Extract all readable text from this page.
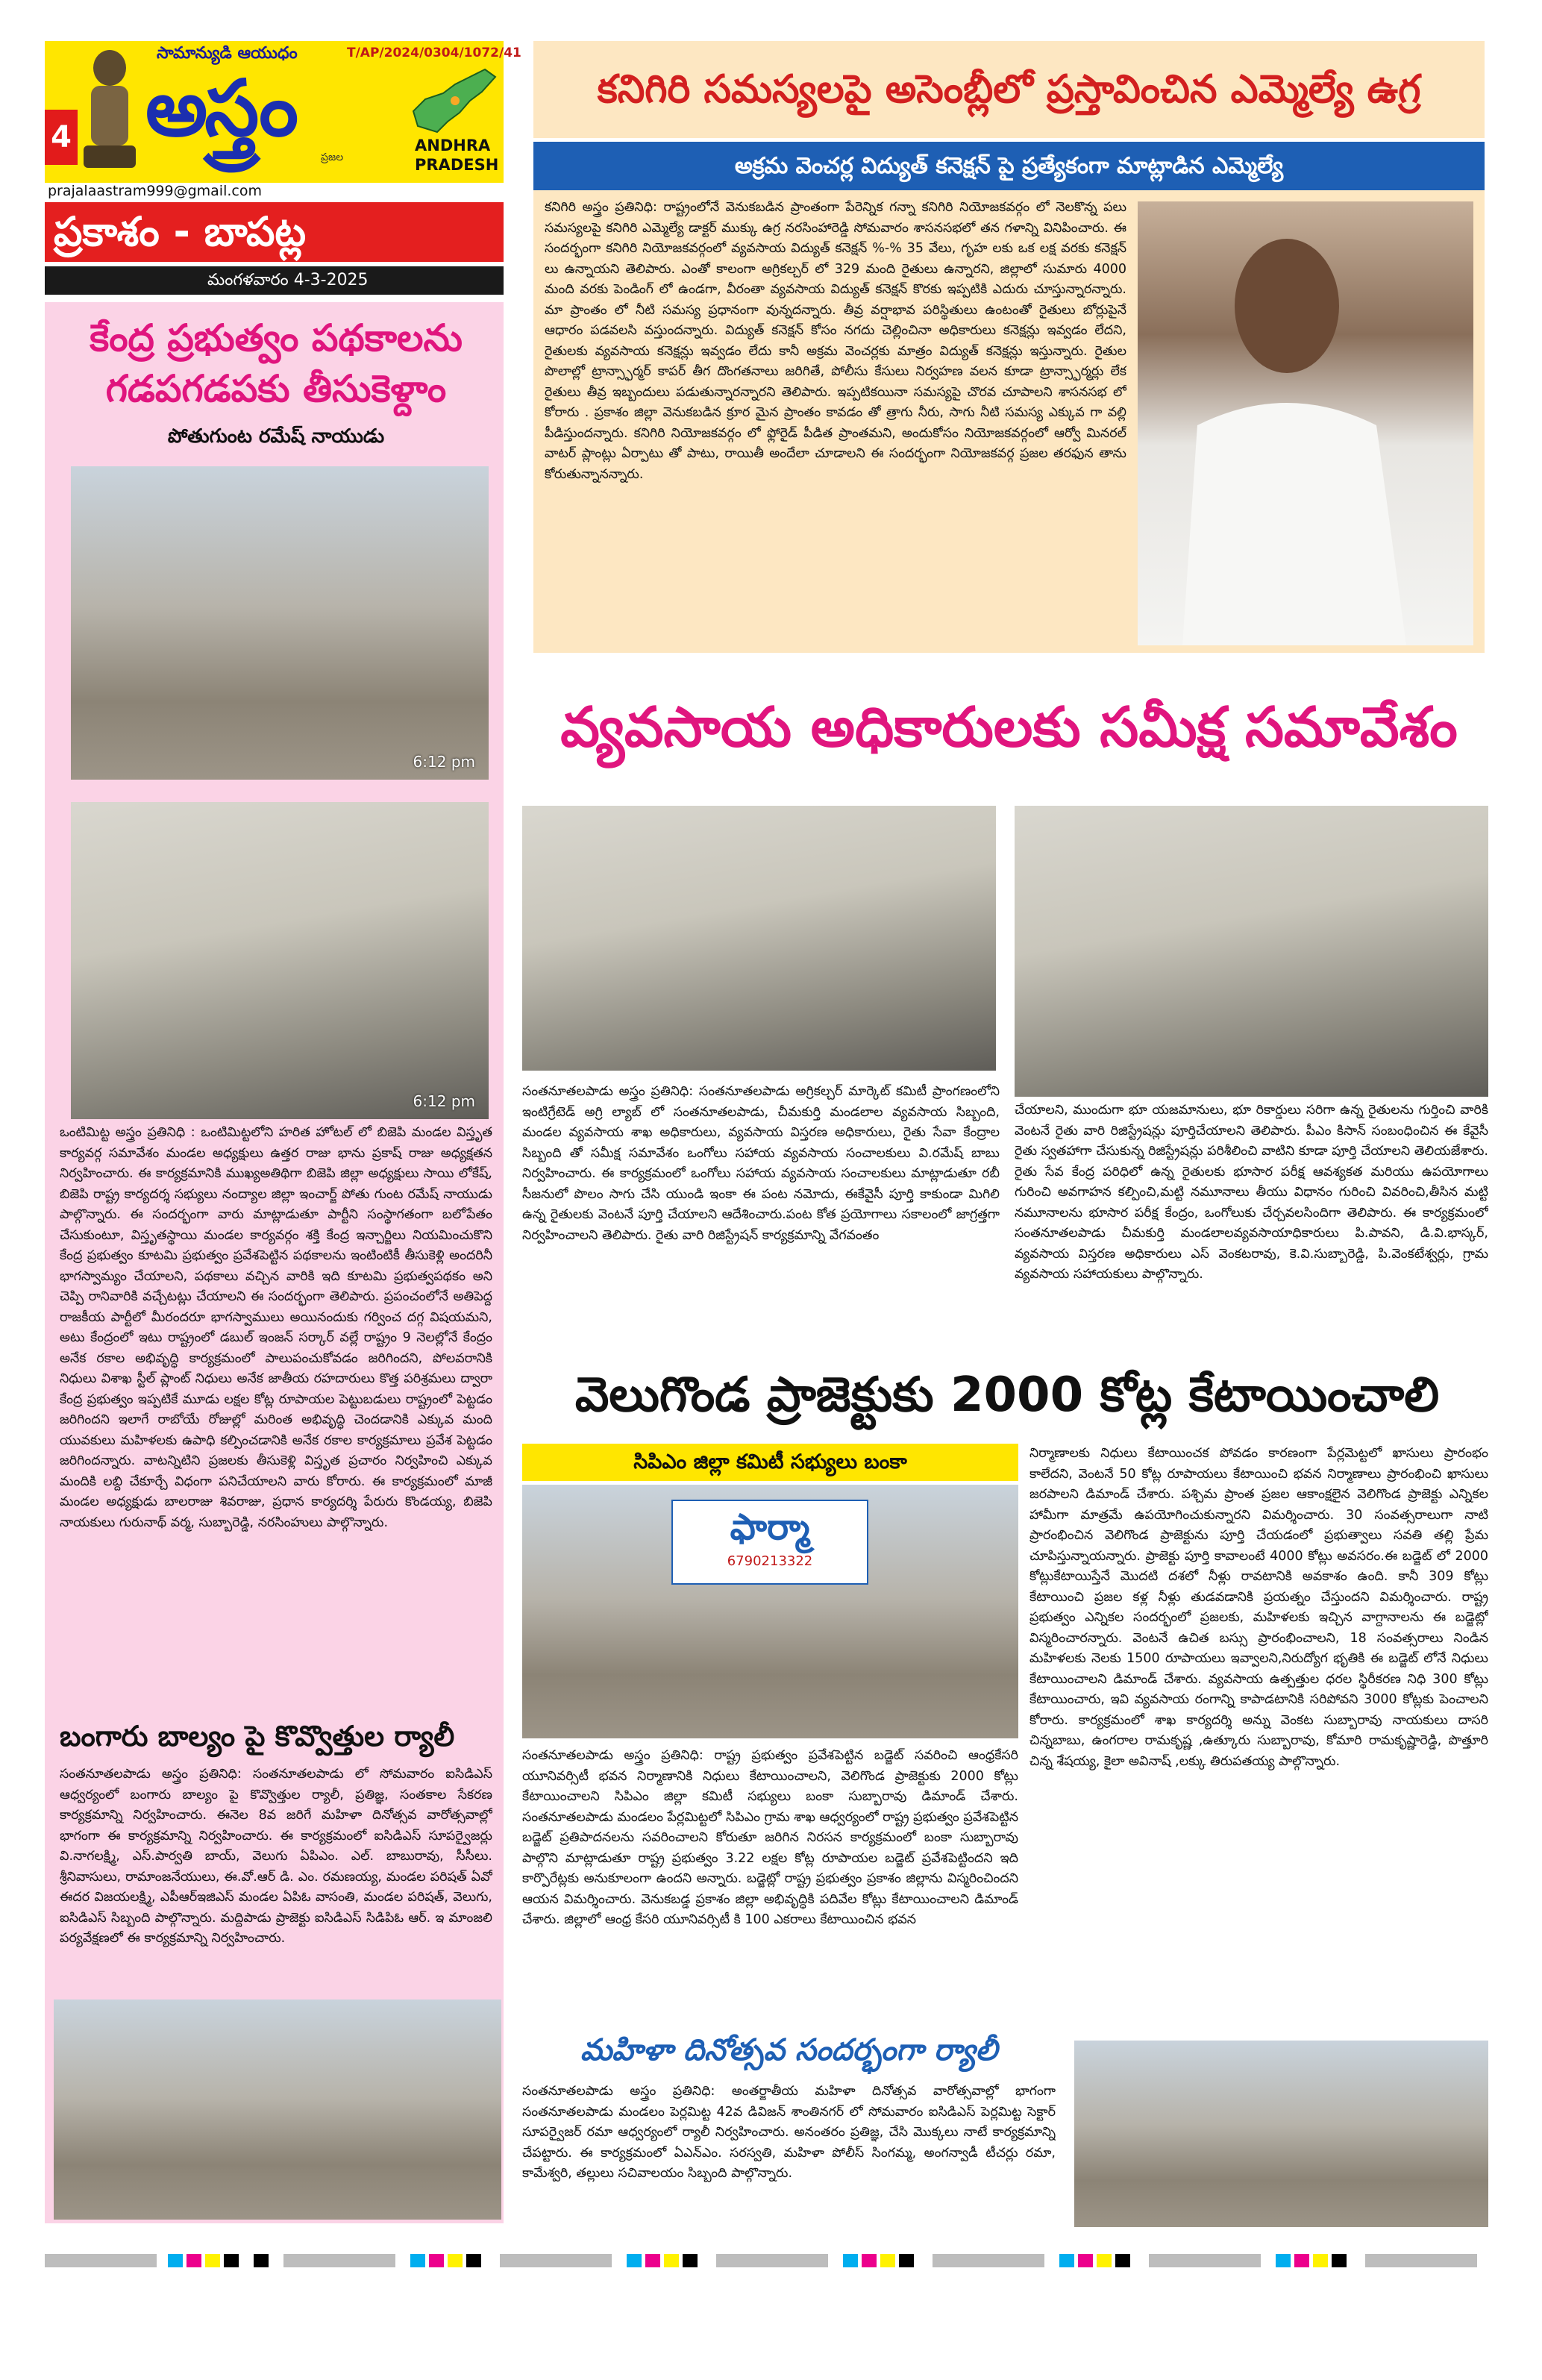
4
సామాన్యుడి ఆయుధం	T/AP/2024/0304/1072/41
అస్త్రం
ప్రజల
ANDHRA
PRADESH
prajalaastram999@gmail.com
ప్రకాశం - బాపట్ల
మంగళవారం 4-3-2025
కేంద్ర ప్రభుత్వం పథకాలను
గడపగడపకు తీసుకెళ్దాం
పోతుగుంట రమేష్ నాయుడు
6:12 pm
6:12 pm
ఒంటిమిట్ట అస్త్రం ప్రతినిధి : ఒంటిమిట్టలోని హరిత హోటల్ లో బిజెపి మండల విస్తృత కార్యవర్గ సమావేశం మండల అధ్యక్షులు ఉత్తర రాజు భాను ప్రకాష్ రాజు అధ్యక్షతన నిర్వహించారు. ఈ కార్యక్రమానికి ముఖ్యఅతిథిగా బిజెపి జిల్లా అధ్యక్షులు సాయి లోకేష్, బిజెపి రాష్ట్ర కార్యదర్శ సభ్యులు నంద్యాల జిల్లా ఇంచార్జ్ పోతు గుంట రమేష్ నాయుడు పాల్గొన్నారు. ఈ సందర్భంగా వారు మాట్లాడుతూ పార్టీని సంస్థాగతంగా బలోపేతం చేసుకుంటూ, విస్తృతస్థాయి మండల కార్యవర్గం శక్తి కేంద్ర ఇన్చార్జిలు నియమించుకొని కేంద్ర ప్రభుత్వం కూటమి ప్రభుత్వం ప్రవేశపెట్టిన పథకాలను ఇంటింటికీ తీసుకెళ్లి అందరినీ భాగస్వామ్యం చేయాలని, పథకాలు వచ్చిన వారికి ఇది కూటమి ప్రభుత్వపథకం అని చెప్పి రానివారికి వచ్చేటట్లు చేయాలని ఈ సందర్భంగా తెలిపారు. ప్రపంచంలోనే అతిపెద్ద రాజకీయ పార్టీలో మీరందరూ భాగస్వాములు అయినందుకు గర్వించ దగ్గ విషయమని, అటు కేంద్రంలో ఇటు రాష్ట్రంలో డబుల్ ఇంజన్ సర్కార్ వల్లే రాష్ట్రం 9 నెలల్లోనే కేంద్రం అనేక రకాల అభివృద్ధి కార్యక్రమంలో పాలుపంచుకోవడం జరిగిందని, పోలవరానికి నిధులు విశాఖ స్టీల్ ప్లాంట్ నిధులు అనేక జాతీయ రహదారులు కొత్త పరిశ్రమలు ద్వారా కేంద్ర ప్రభుత్వం ఇప్పటికే మూడు లక్షల కోట్ల రూపాయల పెట్టుబడులు రాష్ట్రంలో పెట్టడం జరిగిందని ఇలాగే రాబోయే రోజుల్లో మరింత అభివృద్ధి చెందడానికి ఎక్కువ మంది యువకులు మహిళలకు ఉపాధి కల్పించడానికి అనేక రకాల కార్యక్రమాలు ప్రవేశ పెట్టడం జరిగిందన్నారు. వాటన్నిటిని ప్రజలకు తీసుకెళ్లి విస్తృత ప్రచారం నిర్వహించి ఎక్కువ మందికి లబ్ది చేకూర్చే విధంగా పనిచేయాలని వారు కోరారు. ఈ కార్యక్రమంలో మాజీ మండల అధ్యక్షుడు బాలరాజు శివరాజు, ప్రధాన కార్యదర్శి పేరురు కొండయ్య, బిజెపి నాయకులు గురునాథ్ వర్మ, సుబ్బారెడ్డి, నరసింహులు పాల్గొన్నారు.
బంగారు బాల్యం పై కొవ్వొత్తుల ర్యాలీ
సంతనూతలపాడు అస్త్రం ప్రతినిధి: సంతనూతలపాడు లో సోమవారం ఐసిడిఎస్ ఆధ్వర్యంలో బంగారు బాల్యం పై కొవ్వొత్తుల ర్యాలీ, ప్రతిజ్ఞ, సంతకాల సేకరణ కార్యక్రమాన్ని నిర్వహించారు. ఈనెల 8వ జరిగే మహిళా దినోత్సవ వారోత్సవాల్లో భాగంగా ఈ కార్యక్రమాన్ని నిర్వహించారు. ఈ కార్యక్రమంలో ఐసిడిఎస్ సూపర్వైజర్లు వి.నాగలక్ష్మి, ఎస్.పార్వతి బాయ్, వెలుగు ఏపిఎం. ఎల్. బాబురావు, సీసీలు. శ్రీనివాసులు, రామాంజనేయులు, ఈ.వో.ఆర్ డి. ఎం. రమణయ్య, మండల పరిషత్ ఏవో ఈదర విజయలక్ష్మి, ఎపీఆర్ఇజిఎస్ మండల ఏపిఓ వాసంతి, మండల పరిషత్, వెలుగు, ఐసిడిఎస్ సిబ్బంది పాల్గొన్నారు. మద్దిపాడు ప్రాజెక్టు ఐసిడిఎస్ సిడిపిఓ ఆర్. ఇ మాంజలి పర్యవేక్షణలో ఈ కార్యక్రమాన్ని నిర్వహించారు.
కనిగిరి సమస్యలపై అసెంబ్లీలో ప్రస్తావించిన ఎమ్మెల్యే ఉగ్ర
అక్రమ వెంచర్ల విద్యుత్ కనెక్షన్ పై ప్రత్యేకంగా మాట్లాడిన ఎమ్మెల్యే
కనిగిరి అస్త్రం ప్రతినిధి: రాష్ట్రంలోనే వెనుకబడిన ప్రాంతంగా పేరెన్నిక గన్నా కనిగిరి నియోజకవర్గం లో నెలకొన్న పలు సమస్యలపై కనిగిరి ఎమ్మెల్యే డాక్టర్ ముక్కు ఉగ్ర నరసింహారెడ్డి సోమవారం శాసనసభలో తన గళాన్ని వినిపించారు. ఈ సందర్భంగా కనిగిరి నియోజకవర్గంలో వ్యవసాయ విద్యుత్ కనెక్షన్ %-% 35 వేలు, గృహ లకు ఒక లక్ష వరకు కనెక్షన్ లు ఉన్నాయని తెలిపారు. ఎంతో కాలంగా అగ్రికల్చర్ లో 329 మంది రైతులు ఉన్నారని, జిల్లాలో సుమారు 4000 మంది వరకు పెండింగ్ లో ఉండగా, వీరంతా వ్యవసాయ విద్యుత్ కనెక్షన్ కొరకు ఇప్పటికి ఎదురు చూస్తున్నారన్నారు. మా ప్రాంతం లో నీటి సమస్య ప్రధానంగా వున్నదన్నారు. తీవ్ర వర్షాభావ పరిస్థితులు ఉంటంతో రైతులు బోర్లుపైనే ఆధారం పడవలసి వస్తుందన్నారు. విద్యుత్ కనెక్షన్ కోసం నగదు చెల్లించినా అధికారులు కనెక్షన్లు ఇవ్వడం లేదని, రైతులకు వ్యవసాయ కనెక్షన్లు ఇవ్వడం లేదు కానీ అక్రమ వెంచర్లకు మాత్రం విద్యుత్ కనెక్షన్లు ఇస్తున్నారు. రైతుల పొలాల్లో ట్రాన్స్ఫార్మర్ కాపర్ తీగ దొంగతనాలు జరిగితే, పోలీసు కేసులు నిర్వహణ వలన కూడా ట్రాన్స్ఫార్మర్లు లేక రైతులు తీవ్ర ఇబ్బందులు పడుతున్నారన్నారని తెలిపారు. ఇప్పటికయినా సమస్యపై చొరవ చూపాలని శాసనసభ లో కోరారు . ప్రకాశం జిల్లా వెనుకబడిన క్రూర మైన ప్రాంతం కావడం తో త్రాగు నీరు, సాగు నీటి సమస్య ఎక్కువ గా వల్లి పీడిస్తుందన్నారు. కనిగిరి నియోజకవర్గం లో ఫ్లోరైడ్ పీడిత ప్రాంతమని, అందుకోసం నియోజకవర్గంలో ఆర్వో మినరల్ వాటర్ ప్లాంట్లు ఏర్పాటు తో పాటు, రాయితీ అందేలా చూడాలని ఈ సందర్భంగా నియోజకవర్గ ప్రజల తరఫున తాను కోరుతున్నానన్నారు.
వ్యవసాయ అధికారులకు సమీక్ష సమావేశం
సంతనూతలపాడు అస్త్రం ప్రతినిధి: సంతనూతలపాడు అగ్రికల్చర్ మార్కెట్ కమిటీ ప్రాంగణంలోని ఇంటిగ్రేటెడ్ అగ్రి ల్యాబ్ లో సంతనూతలపాడు, చీమకుర్తి మండలాల వ్యవసాయ సిబ్బంది, మండల వ్యవసాయ శాఖ అధికారులు, వ్యవసాయ విస్తరణ అధికారులు, రైతు సేవా కేంద్రాల సిబ్బంది తో సమీక్ష సమావేశం ఒంగోలు సహాయ వ్యవసాయ సంచాలకులు వి.రమేష్ బాబు నిర్వహించారు. ఈ కార్యక్రమంలో ఒంగోలు సహాయ వ్యవసాయ సంచాలకులు మాట్లాడుతూ రబీ సీజనులో పొలం సాగు చేసి యుండి ఇంకా ఈ పంట నమోదు, ఈకేవైసీ పూర్తి కాకుండా మిగిలి ఉన్న రైతులకు వెంటనే పూర్తి చేయాలని ఆదేశించారు.పంట కోత ప్రయోగాలు సకాలంలో జాగ్రత్తగా నిర్వహించాలని తెలిపారు. రైతు వారి రిజిస్ట్రేషన్ కార్యక్రమాన్ని వేగవంతం
చేయాలని, ముందుగా భూ యజమానులు, భూ రికార్డులు సరిగా ఉన్న రైతులను గుర్తించి వారికి వెంటనే రైతు వారి రిజిస్ట్రేషన్లు పూర్తిచేయాలని తెలిపారు. పీఎం కిసాన్ సంబంధించిన ఈ కేవైసీ రైతు స్వతహాగా చేసుకున్న రిజిస్ట్రేషన్లు పరిశీలించి వాటిని కూడా పూర్తి చేయాలని తెలియజేశారు. రైతు సేవ కేంద్ర పరిధిలో ఉన్న రైతులకు భూసార పరీక్ష ఆవశ్యకత మరియు ఉపయోగాలు గురించి అవగాహన కల్పించి,మట్టి నమూనాలు తీయు విధానం గురించి వివరించి,తీసిన మట్టి నమూనాలను భూసార పరీక్ష కేంద్రం, ఒంగోలుకు చేర్చవలసిందిగా తెలిపారు. ఈ కార్యక్రమంలో సంతనూతలపాడు చీమకుర్తి మండలాలవ్యవసాయాధికారులు పి.పావని, డి.వి.భాస్కర్, వ్యవసాయ విస్తరణ అధికారులు ఎస్ వెంకటరావు, కె.వి.సుబ్బారెడ్డి, పి.వెంకటేశ్వర్లు, గ్రామ వ్యవసాయ సహాయకులు పాల్గొన్నారు.
వెలుగొండ ప్రాజెక్టుకు 2000 కోట్ల కేటాయించాలి
సిపిఎం జిల్లా కమిటీ సభ్యులు బంకా
ఫార్మా
6790213322
నిర్మాణాలకు నిధులు కేటాయించక పోవడం కారణంగా పేర్లమెట్టలో ఖాసులు ప్రారంభం కాలేదని, వెంటనే 50 కోట్ల రూపాయలు కేటాయించి భవన నిర్మాణాలు ప్రారంభించి ఖాసులు జరపాలని డిమాండ్ చేశారు. పశ్చిమ ప్రాంత ప్రజల ఆకాంక్షలైన వెలిగొండ ప్రాజెక్టు ఎన్నికల హామీగా మాత్రమే ఉపయోగించుకున్నారని విమర్శించారు. 30 సంవత్సరాలుగా నాటి ప్రారంభించిన వెలిగొండ ప్రాజెక్టును పూర్తి చేయడంలో ప్రభుత్వాలు సవతి తల్లి ప్రేమ చూపిస్తున్నాయన్నారు. ప్రాజెక్టు పూర్తి కావాలంటే 4000 కోట్లు అవసరం.ఈ బడ్జెట్ లో 2000 కోట్లుకేటాయిస్తేనే మొదటి దశలో నీళ్లు రావటానికి అవకాశం ఉంది. కానీ 309 కోట్లు కేటాయించి ప్రజల కళ్ల నీళ్లు తుడవడానికి ప్రయత్నం చేస్తుందని విమర్శించారు. రాష్ట్ర ప్రభుత్వం ఎన్నికల సందర్భంలో ప్రజలకు, మహిళలకు ఇచ్చిన వాగ్దానాలను ఈ బడ్జెట్లో విస్మరించారన్నారు. వెంటనే ఉచిత బస్సు ప్రారంభించాలని, 18 సంవత్సరాలు నిండిన మహిళలకు నెలకు 1500 రూపాయలు ఇవ్వాలని,నిరుద్యోగ భృతికి ఈ బడ్జెట్ లోనే నిధులు కేటాయించాలని డిమాండ్ చేశారు. వ్యవసాయ ఉత్పత్తుల ధరల స్థిరీకరణ నిధి 300 కోట్లు కేటాయించారు, ఇవి వ్యవసాయ రంగాన్ని కాపాడటానికి సరిపోవని 3000 కోట్లకు పెంచాలని కోరారు. కార్యక్రమంలో శాఖ కార్యదర్శి అన్ను వెంకట సుబ్బారావు నాయకులు దాసరి చిన్నబాబు, ఉంగరాల రామకృష్ణ ,ఉత్కూరు సుబ్బారావు, కోమారి రామకృష్ణారెడ్డి, పొత్తూరి చిన్న శేషయ్య, కైలా అవినాష్ ,లక్కు తిరుపతయ్య పాల్గొన్నారు.
సంతనూతలపాడు అస్త్రం ప్రతినిధి: రాష్ట్ర ప్రభుత్వం ప్రవేశపెట్టిన బడ్జెట్ సవరించి ఆంధ్రకేసరి యూనివర్సిటీ భవన నిర్మాణానికి నిధులు కేటాయించాలని, వెలిగొండ ప్రాజెక్టుకు 2000 కోట్లు కేటాయించాలని సిపిఎం జిల్లా కమిటీ సభ్యులు బంకా సుబ్బారావు డిమాండ్ చేశారు. సంతనూతలపాడు మండలం పేర్లమిట్టలో సిపిఎం గ్రామ శాఖ ఆధ్వర్యంలో రాష్ట్ర ప్రభుత్వం ప్రవేశపెట్టిన బడ్జెట్ ప్రతిపాదనలను సవరించాలని కోరుతూ జరిగిన నిరసన కార్యక్రమంలో బంకా సుబ్బారావు పాల్గొని మాట్లాడుతూ రాష్ట్ర ప్రభుత్వం 3.22 లక్షల కోట్ల రూపాయల బడ్జెట్ ప్రవేశపెట్టిందని ఇది కార్పొరేట్లకు అనుకూలంగా ఉందని అన్నారు. బడ్జెట్లో రాష్ట్ర ప్రభుత్వం ప్రకాశం జిల్లాను విస్మరించిందని ఆయన విమర్శించారు. వెనుకబడ్డ ప్రకాశం జిల్లా అభివృద్ధికి పదివేల కోట్లు కేటాయించాలని డిమాండ్ చేశారు. జిల్లాలో ఆంధ్ర కేసరి యూనివర్సిటీ కి 100 ఎకరాలు కేటాయించిన భవన
మహిళా దినోత్సవ సందర్భంగా ర్యాలీ
సంతనూతలపాడు అస్త్రం ప్రతినిధి: అంతర్జాతీయ మహిళా దినోత్సవ వారోత్సవాల్లో భాగంగా సంతనూతలపాడు మండలం పెర్లమిట్ట 42వ డివిజన్ శాంతినగర్ లో సోమవారం ఐసిడిఎస్ పెర్లమిట్ట సెక్టార్ సూపర్వైజర్ రమా ఆధ్వర్యంలో ర్యాలీ నిర్వహించారు. అనంతరం ప్రతిజ్ఞ, చేసి మొక్కలు నాటే కార్యక్రమాన్ని చేపట్టారు. ఈ కార్యక్రమంలో ఏఎన్ఎం. సరస్వతి, మహిళా పోలీస్ సింగమ్మ, అంగన్వాడీ టీచర్లు రమా, కామేశ్వరి, తల్లులు సచివాలయం సిబ్బంది పాల్గొన్నారు.
